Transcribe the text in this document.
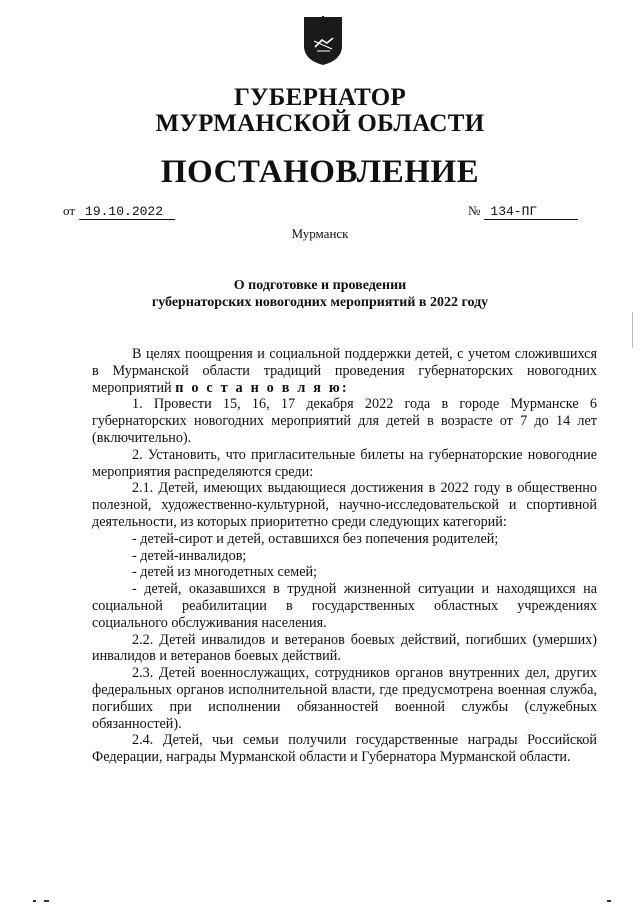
ГУБЕРНАТОР
МУРМАНСКОЙ ОБЛАСТИ
ПОСТАНОВЛЕНИЕ
от 19.10.2022	№ 134-ПГ
Мурманск
О подготовке и проведении
губернаторских новогодних мероприятий в 2022 году

В целях поощрения и социальной поддержки детей, с учетом сложившихся в Мурманской области традиций проведения губернаторских новогодних мероприятий п о с т а н о в л я ю:

1. Провести 15, 16, 17 декабря 2022 года в городе Мурманске 6 губернаторских новогодних мероприятий для детей в возрасте от 7 до 14 лет (включительно).

2. Установить, что пригласительные билеты на губернаторские новогодние мероприятия распределяются среди:

2.1. Детей, имеющих выдающиеся достижения в 2022 году в общественно полезной, художественно-культурной, научно-исследовательской и спортивной деятельности, из которых приоритетно среди следующих категорий:

- детей-сирот и детей, оставшихся без попечения родителей;

- детей-инвалидов;

- детей из многодетных семей;

- детей, оказавшихся в трудной жизненной ситуации и находящихся на социальной реабилитации в государственных областных учреждениях социального обслуживания населения.

2.2. Детей инвалидов и ветеранов боевых действий, погибших (умерших) инвалидов и ветеранов боевых действий.

2.3. Детей военнослужащих, сотрудников органов внутренних дел, других федеральных органов исполнительной власти, где предусмотрена военная служба, погибших при исполнении обязанностей военной службы (служебных обязанностей).

2.4. Детей, чьи семьи получили государственные награды Российской Федерации, награды Мурманской области и Губернатора Мурманской области.
